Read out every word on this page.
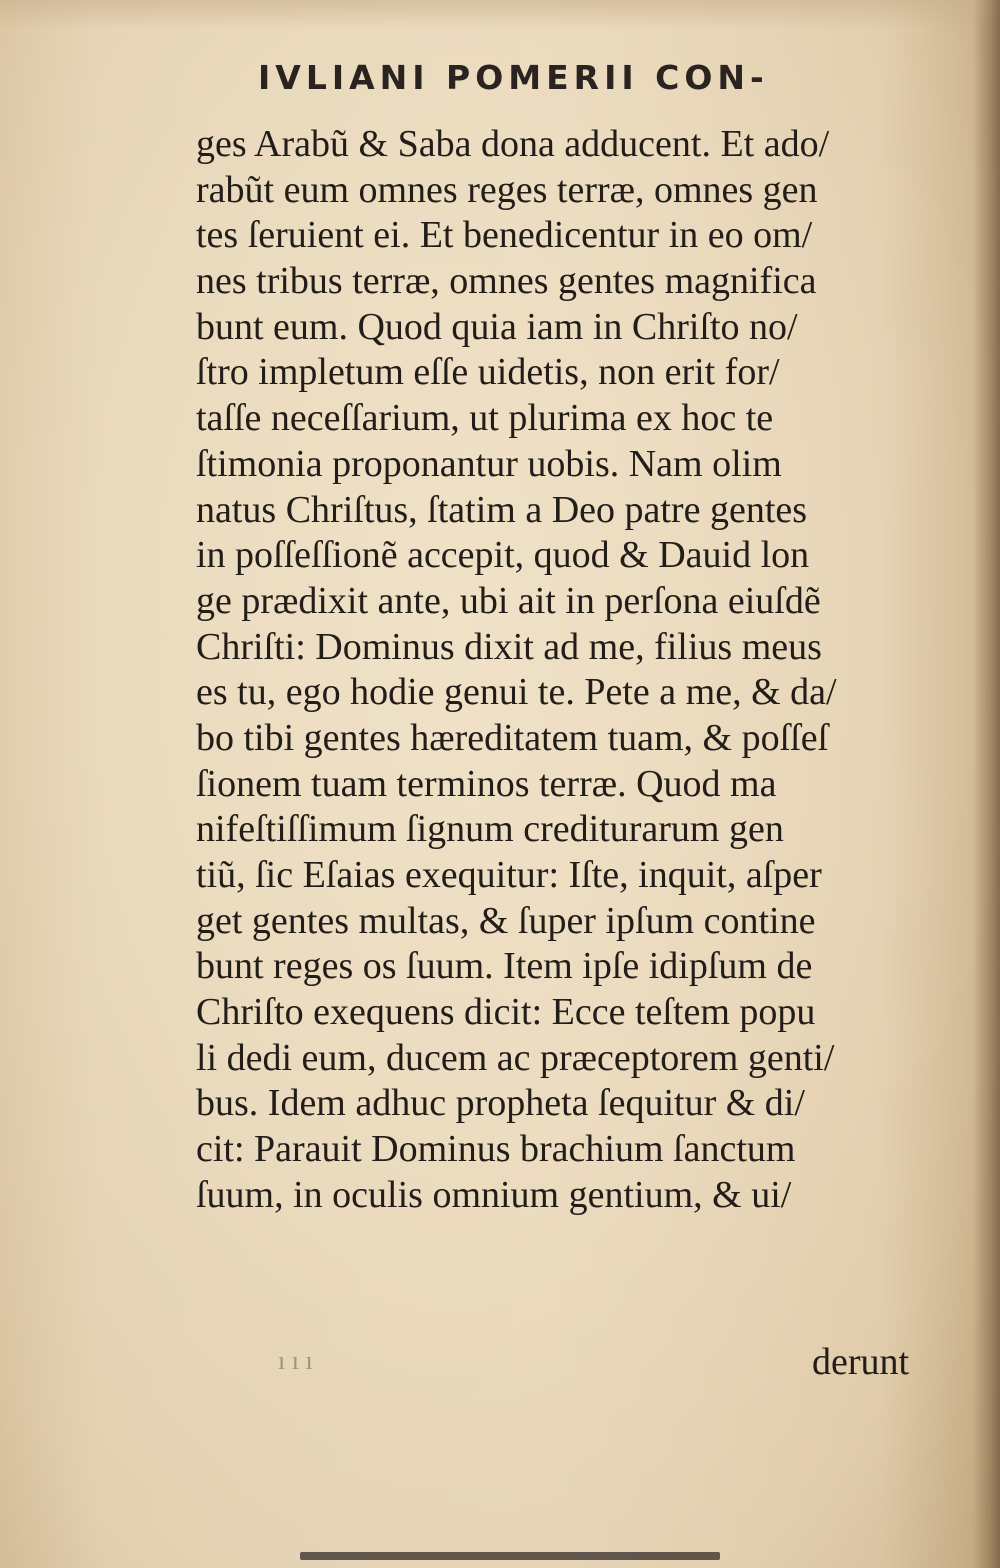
IVLIANI POMERII CON-
ges Arabũ & Saba dona adducent. Et ado/
rabũt eum omnes reges terræ, omnes gen
tes ſeruient ei. Et benedicentur in eo om/
nes tribus terræ, omnes gentes magnifica
bunt eum. Quod quia iam in Chriſto no/
ſtro impletum eſſe uidetis, non erit for/
taſſe neceſſarium, ut plurima ex hoc te
ſtimonia proponantur uobis. Nam olim
natus Chriſtus, ſtatim a Deo patre gentes
in poſſeſſionẽ accepit, quod & Dauid lon
ge prædixit ante, ubi ait in perſona eiuſdẽ
Chriſti: Dominus dixit ad me, filius meus
es tu, ego hodie genui te. Pete a me, & da/
bo tibi gentes hæreditatem tuam, & poſſeſ
ſionem tuam terminos terræ. Quod ma
nifeſtiſſimum ſignum crediturarum gen
tiũ, ſic Eſaias exequitur: Iſte, inquit, aſper
get gentes multas, & ſuper ipſum contine
bunt reges os ſuum. Item ipſe idipſum de
Chriſto exequens dicit: Ecce teſtem popu
li dedi eum, ducem ac præceptorem genti/
bus. Idem adhuc propheta ſequitur & di/
cit: Parauit Dominus brachium ſanctum
ſuum, in oculis omnium gentium, & ui/
ı ı ı	derunt
